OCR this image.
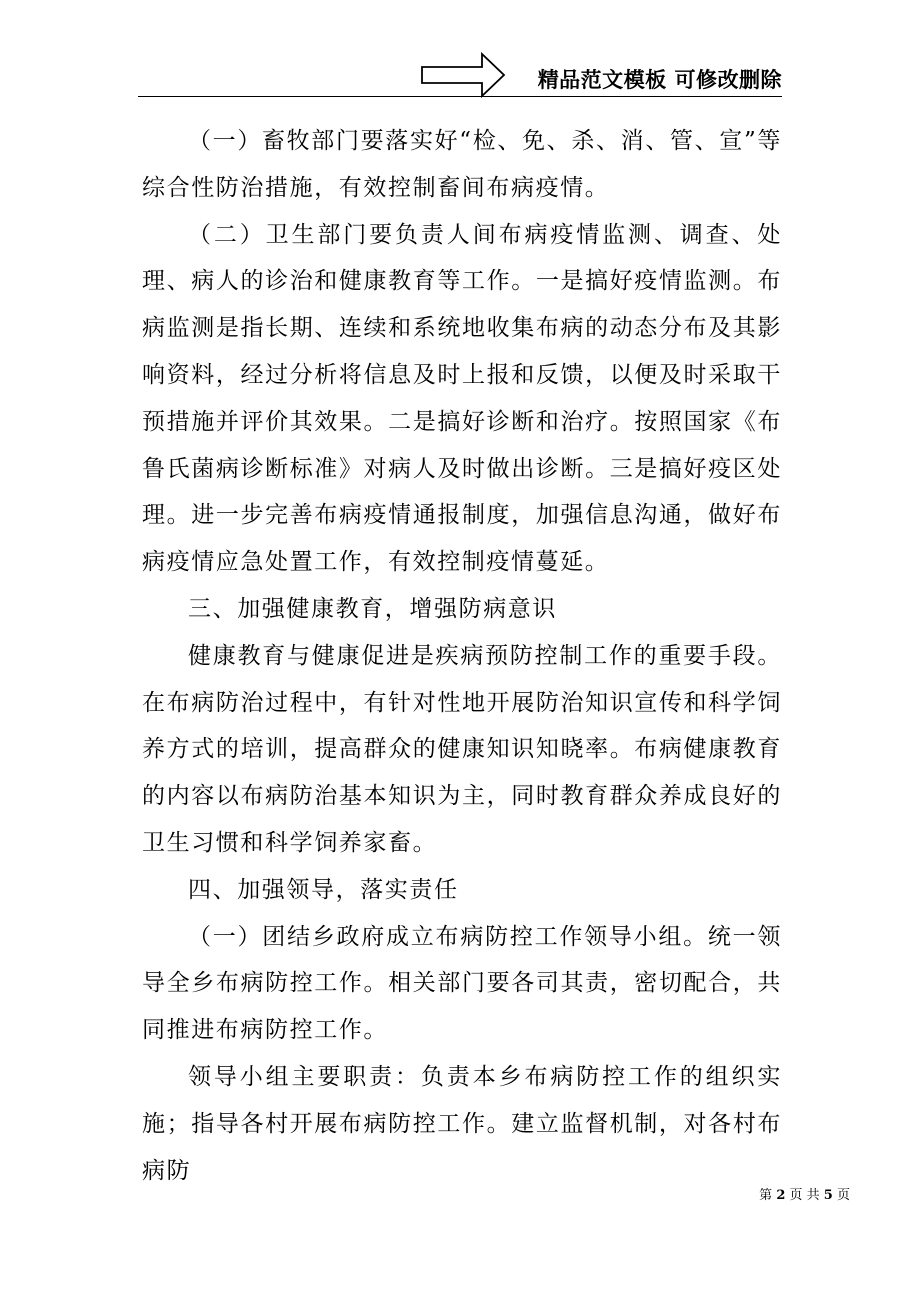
精品范文模板 可修改删除

（一）畜牧部门要落实好“检、免、杀、消、管、宣”等综合性防治措施，有效控制畜间布病疫情。

（二）卫生部门要负责人间布病疫情监测、调查、处理、病人的诊治和健康教育等工作。一是搞好疫情监测。布病监测是指长期、连续和系统地收集布病的动态分布及其影响资料，经过分析将信息及时上报和反馈，以便及时采取干预措施并评价其效果。二是搞好诊断和治疗。按照国家《布鲁氏菌病诊断标准》对病人及时做出诊断。三是搞好疫区处理。进一步完善布病疫情通报制度，加强信息沟通，做好布病疫情应急处置工作，有效控制疫情蔓延。

三、加强健康教育，增强防病意识

健康教育与健康促进是疾病预防控制工作的重要手段。在布病防治过程中，有针对性地开展防治知识宣传和科学饲养方式的培训，提高群众的健康知识知晓率。布病健康教育的内容以布病防治基本知识为主，同时教育群众养成良好的卫生习惯和科学饲养家畜。

四、加强领导，落实责任

（一）团结乡政府成立布病防控工作领导小组。统一领导全乡布病防控工作。相关部门要各司其责，密切配合，共同推进布病防控工作。

领导小组主要职责：负责本乡布病防控工作的组织实施；指导各村开展布病防控工作。建立监督机制，对各村布病防

第 2 页 共 5 页
